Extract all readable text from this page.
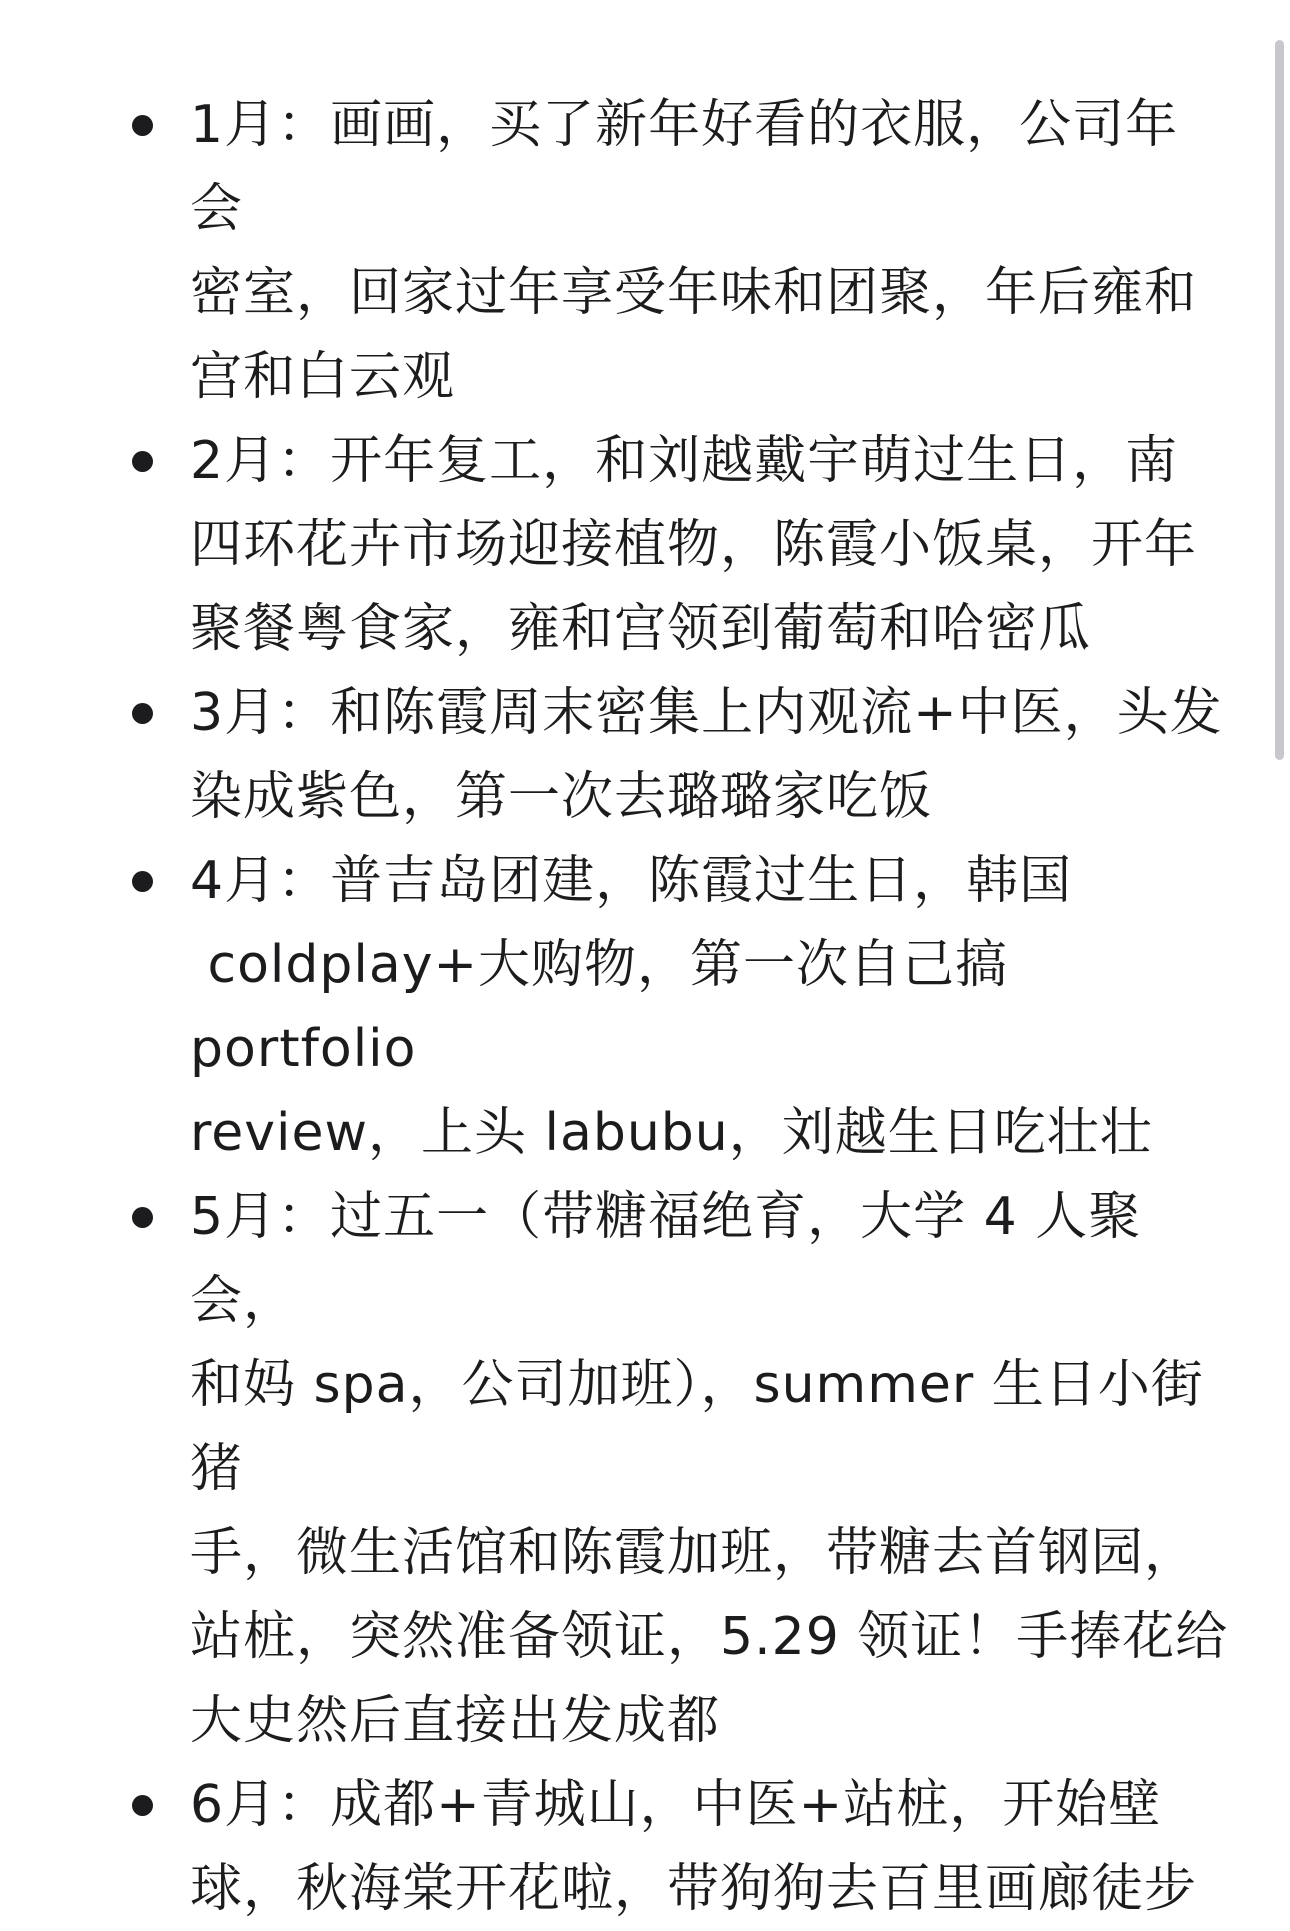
1月：画画，买了新年好看的衣服，公司年会
密室，回家过年享受年味和团聚，年后雍和
宫和白云观
2月：开年复工，和刘越戴宇萌过生日，南
四环花卉市场迎接植物，陈霞小饭桌，开年
聚餐粤食家，雍和宫领到葡萄和哈密瓜
3月：和陈霞周末密集上内观流+中医，头发
染成紫色，第一次去璐璐家吃饭
4月：普吉岛团建，陈霞过生日，韩国
coldplay+大购物，第一次自己搞 portfolio
review，上头 labubu，刘越生日吃壮壮
5月：过五一（带糖福绝育，大学 4 人聚会，
和妈 spa，公司加班），summer 生日小街猪
手，微生活馆和陈霞加班，带糖去首钢园，
站桩，突然准备领证，5.29 领证！手捧花给
大史然后直接出发成都
6月：成都+青城山，中医+站桩，开始壁
球，秋海棠开花啦，带狗狗去百里画廊徒步
